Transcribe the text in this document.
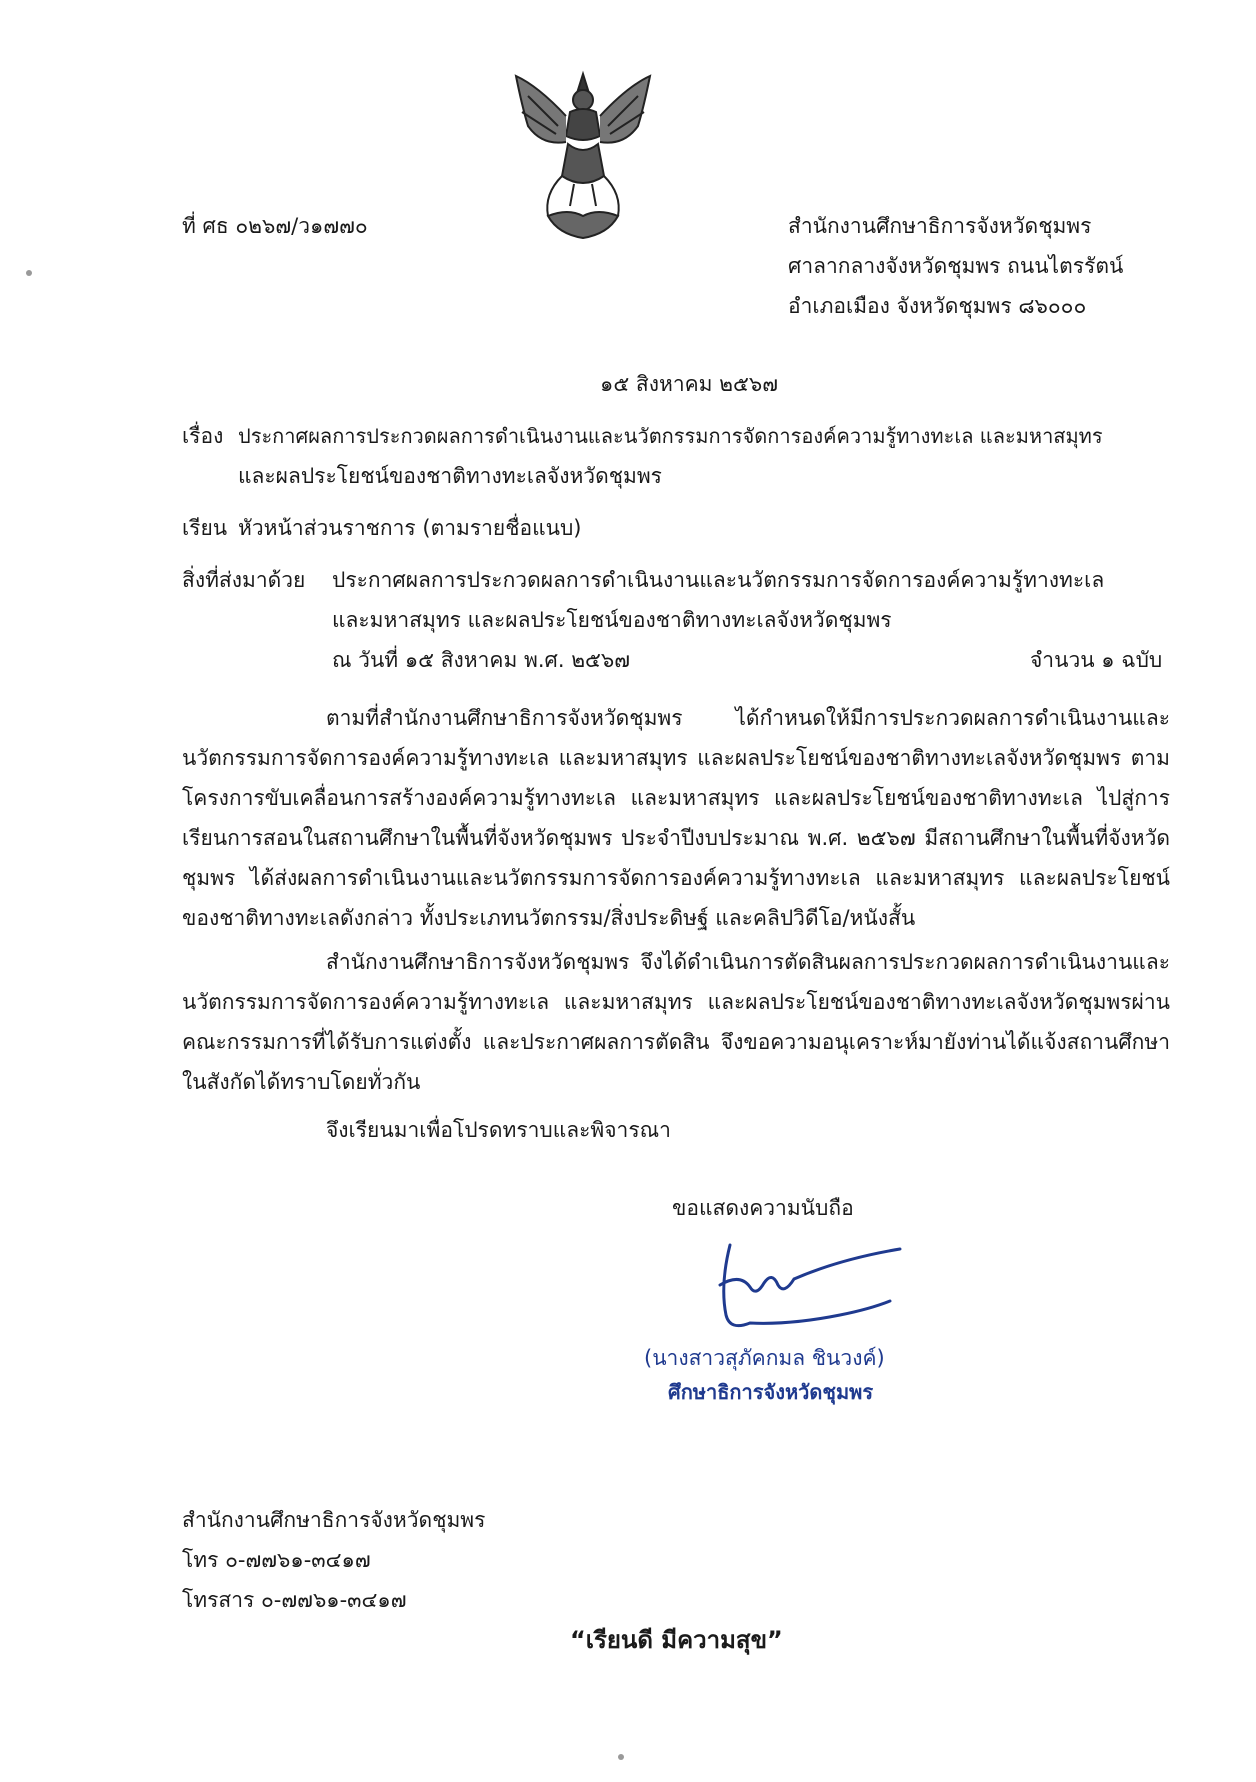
ที่ ศธ ๐๒๖๗/ว๑๗๗๐	สำนักงานศึกษาธิการจังหวัดชุมพร
ศาลากลางจังหวัดชุมพร ถนนไตรรัตน์
อำเภอเมือง จังหวัดชุมพร ๘๖๐๐๐
๑๕ สิงหาคม ๒๕๖๗
เรื่อง ประกาศผลการประกวดผลการดำเนินงานและนวัตกรรมการจัดการองค์ความรู้ทางทะเล และมหาสมุทร
และผลประโยชน์ของชาติทางทะเลจังหวัดชุมพร
เรียน หัวหน้าส่วนราชการ (ตามรายชื่อแนบ)
สิ่งที่ส่งมาด้วย ประกาศผลการประกวดผลการดำเนินงานและนวัตกรรมการจัดการองค์ความรู้ทางทะเล
และมหาสมุทร และผลประโยชน์ของชาติทางทะเลจังหวัดชุมพร
ณ วันที่ ๑๕ สิงหาคม พ.ศ. ๒๕๖๗	จำนวน ๑ ฉบับ
ตามที่สำนักงานศึกษาธิการจังหวัดชุมพร ได้กำหนดให้มีการประกวดผลการดำเนินงานและนวัตกรรมการจัดการองค์ความรู้ทางทะเล และมหาสมุทร และผลประโยชน์ของชาติทางทะเลจังหวัดชุมพร ตามโครงการขับเคลื่อนการสร้างองค์ความรู้ทางทะเล และมหาสมุทร และผลประโยชน์ของชาติทางทะเล ไปสู่การเรียนการสอนในสถานศึกษาในพื้นที่จังหวัดชุมพร ประจำปีงบประมาณ พ.ศ. ๒๕๖๗ มีสถานศึกษาในพื้นที่จังหวัดชุมพร ได้ส่งผลการดำเนินงานและนวัตกรรมการจัดการองค์ความรู้ทางทะเล และมหาสมุทร และผลประโยชน์ของชาติทางทะเลดังกล่าว ทั้งประเภทนวัตกรรม/สิ่งประดิษฐ์ และคลิปวิดีโอ/หนังสั้น
สำนักงานศึกษาธิการจังหวัดชุมพร จึงได้ดำเนินการตัดสินผลการประกวดผลการดำเนินงานและนวัตกรรมการจัดการองค์ความรู้ทางทะเล และมหาสมุทร และผลประโยชน์ของชาติทางทะเลจังหวัดชุมพรผ่านคณะกรรมการที่ได้รับการแต่งตั้ง และประกาศผลการตัดสิน จึงขอความอนุเคราะห์มายังท่านได้แจ้งสถานศึกษาในสังกัดได้ทราบโดยทั่วกัน
จึงเรียนมาเพื่อโปรดทราบและพิจารณา
ขอแสดงความนับถือ
(นางสาวสุภัคกมล ชินวงค์)
ศึกษาธิการจังหวัดชุมพร
สำนักงานศึกษาธิการจังหวัดชุมพร
โทร ๐-๗๗๖๑-๓๔๑๗
โทรสาร ๐-๗๗๖๑-๓๔๑๗
“เรียนดี มีความสุข”
